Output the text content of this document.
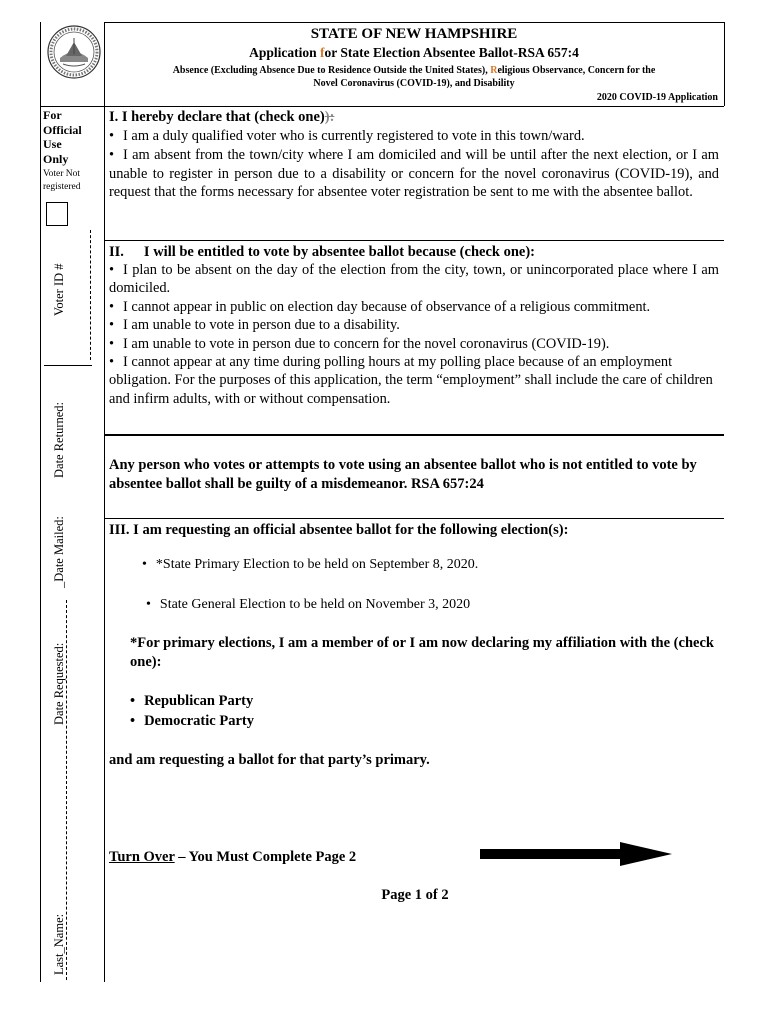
STATE OF NEW HAMPSHIRE
Application for State Election Absentee Ballot-RSA 657:4
Absence (Excluding Absence Due to Residence Outside the United States), Religious Observance, Concern for the
Novel Coronavirus (COVID-19), and Disability
2020 COVID-19 Application
For
Official
Use
Only
Voter Not registered
Voter ID #
Date Returned:
_Date Mailed:
Date Requested:
Last_Name:
I. I hereby declare that (check one)):
• I am a duly qualified voter who is currently registered to vote in this town/ward.
• I am absent from the town/city where I am domiciled and will be until after the next election, or I am unable to register in person due to a disability or concern for the novel coronavirus (COVID-19), and request that the forms necessary for absentee voter registration be sent to me with the absentee ballot.
II. I will be entitled to vote by absentee ballot because (check one):
• I plan to be absent on the day of the election from the city, town, or unincorporated place where I am domiciled.
• I cannot appear in public on election day because of observance of a religious commitment.
• I am unable to vote in person due to a disability.
• I am unable to vote in person due to concern for the novel coronavirus (COVID-19).
• I cannot appear at any time during polling hours at my polling place because of an employment obligation. For the purposes of this application, the term “employment” shall include the care of children and infirm adults, with or without compensation.
Any person who votes or attempts to vote using an absentee ballot who is not entitled to vote by absentee ballot shall be guilty of a misdemeanor. RSA 657:24
III. I am requesting an official absentee ballot for the following election(s):
• *State Primary Election to be held on September 8, 2020.
• State General Election to be held on November 3, 2020
*For primary elections, I am a member of or I am now declaring my affiliation with the (check one):
• Republican Party
• Democratic Party
and am requesting a ballot for that party’s primary.
Turn Over – You Must Complete Page 2
Page 1 of 2
